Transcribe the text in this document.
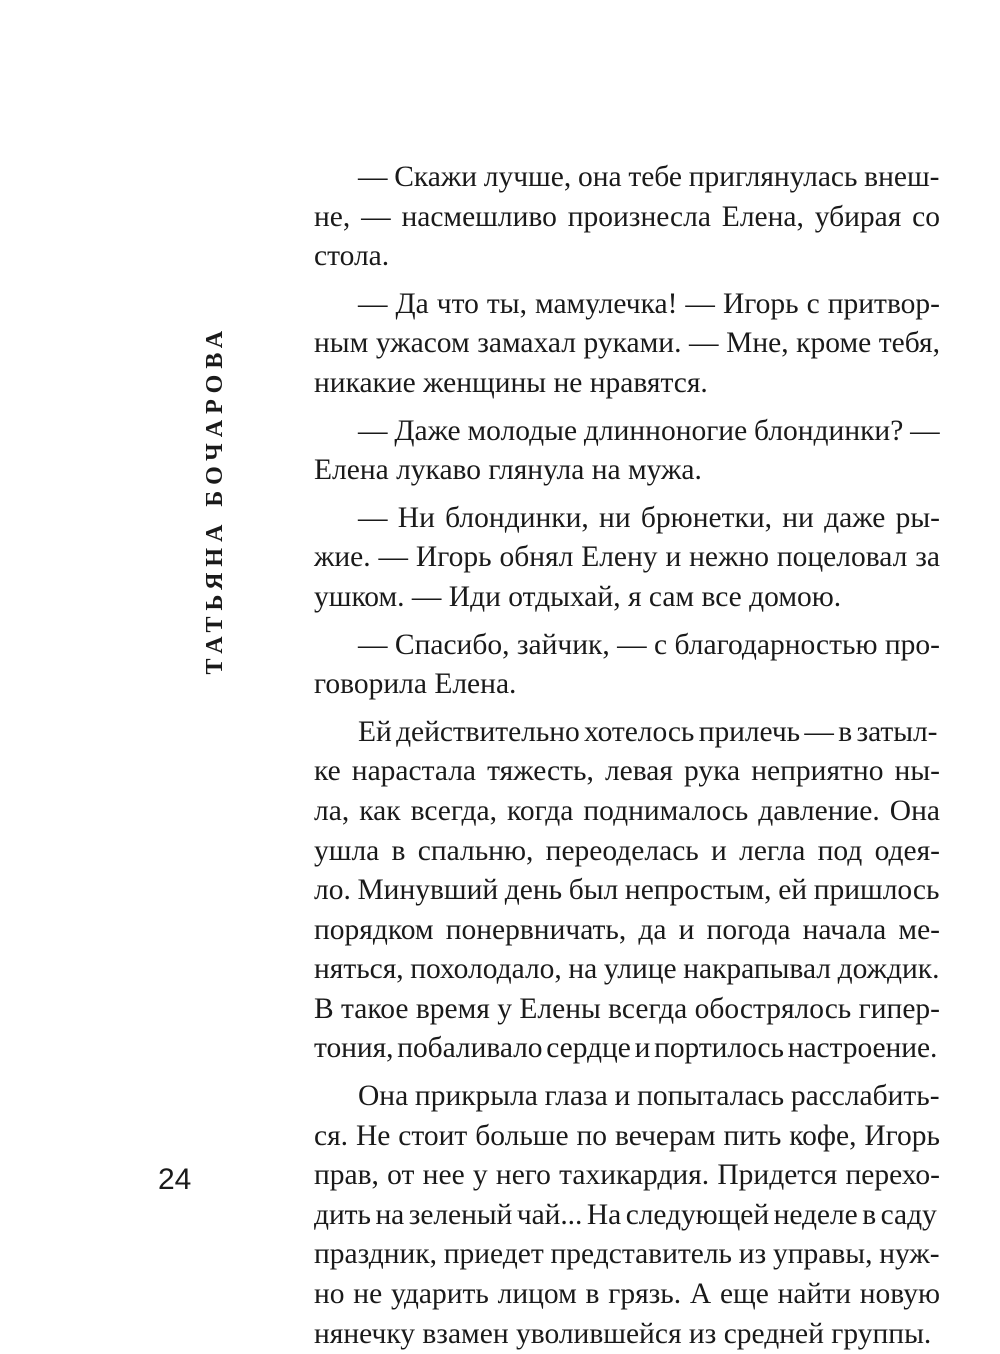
ТАТЬЯНА БОЧАРОВА
24
— Скажи лучше, она тебе приглянулась внеш-
не, — насмешливо произнесла Елена, убирая со
стола.
— Да что ты, мамулечка! — Игорь с притвор-
ным ужасом замахал руками. — Мне, кроме тебя,
никакие женщины не нравятся.
— Даже молодые длинноногие блондинки? —
Елена лукаво глянула на мужа.
— Ни блондинки, ни брюнетки, ни даже ры-
жие. — Игорь обнял Елену и нежно поцеловал за
ушком. — Иди отдыхай, я сам все домою.
— Спасибо, зайчик, — с благодарностью про-
говорила Елена.
Ей действительно хотелось прилечь — в затыл-
ке нарастала тяжесть, левая рука неприятно ны-
ла, как всегда, когда поднималось давление. Она
ушла в спальню, переоделась и легла под одея-
ло. Минувший день был непростым, ей пришлось
порядком понервничать, да и погода начала ме-
няться, похолодало, на улице накрапывал дождик.
В такое время у Елены всегда обострялось гипер-
тония, побаливало сердце и портилось настроение.
Она прикрыла глаза и попыталась расслабить-
ся. Не стоит больше по вечерам пить кофе, Игорь
прав, от нее у него тахикардия. Придется перехо-
дить на зеленый чай... На следующей неделе в саду
праздник, приедет представитель из управы, нуж-
но не ударить лицом в грязь. А еще найти новую
нянечку взамен уволившейся из средней группы.
